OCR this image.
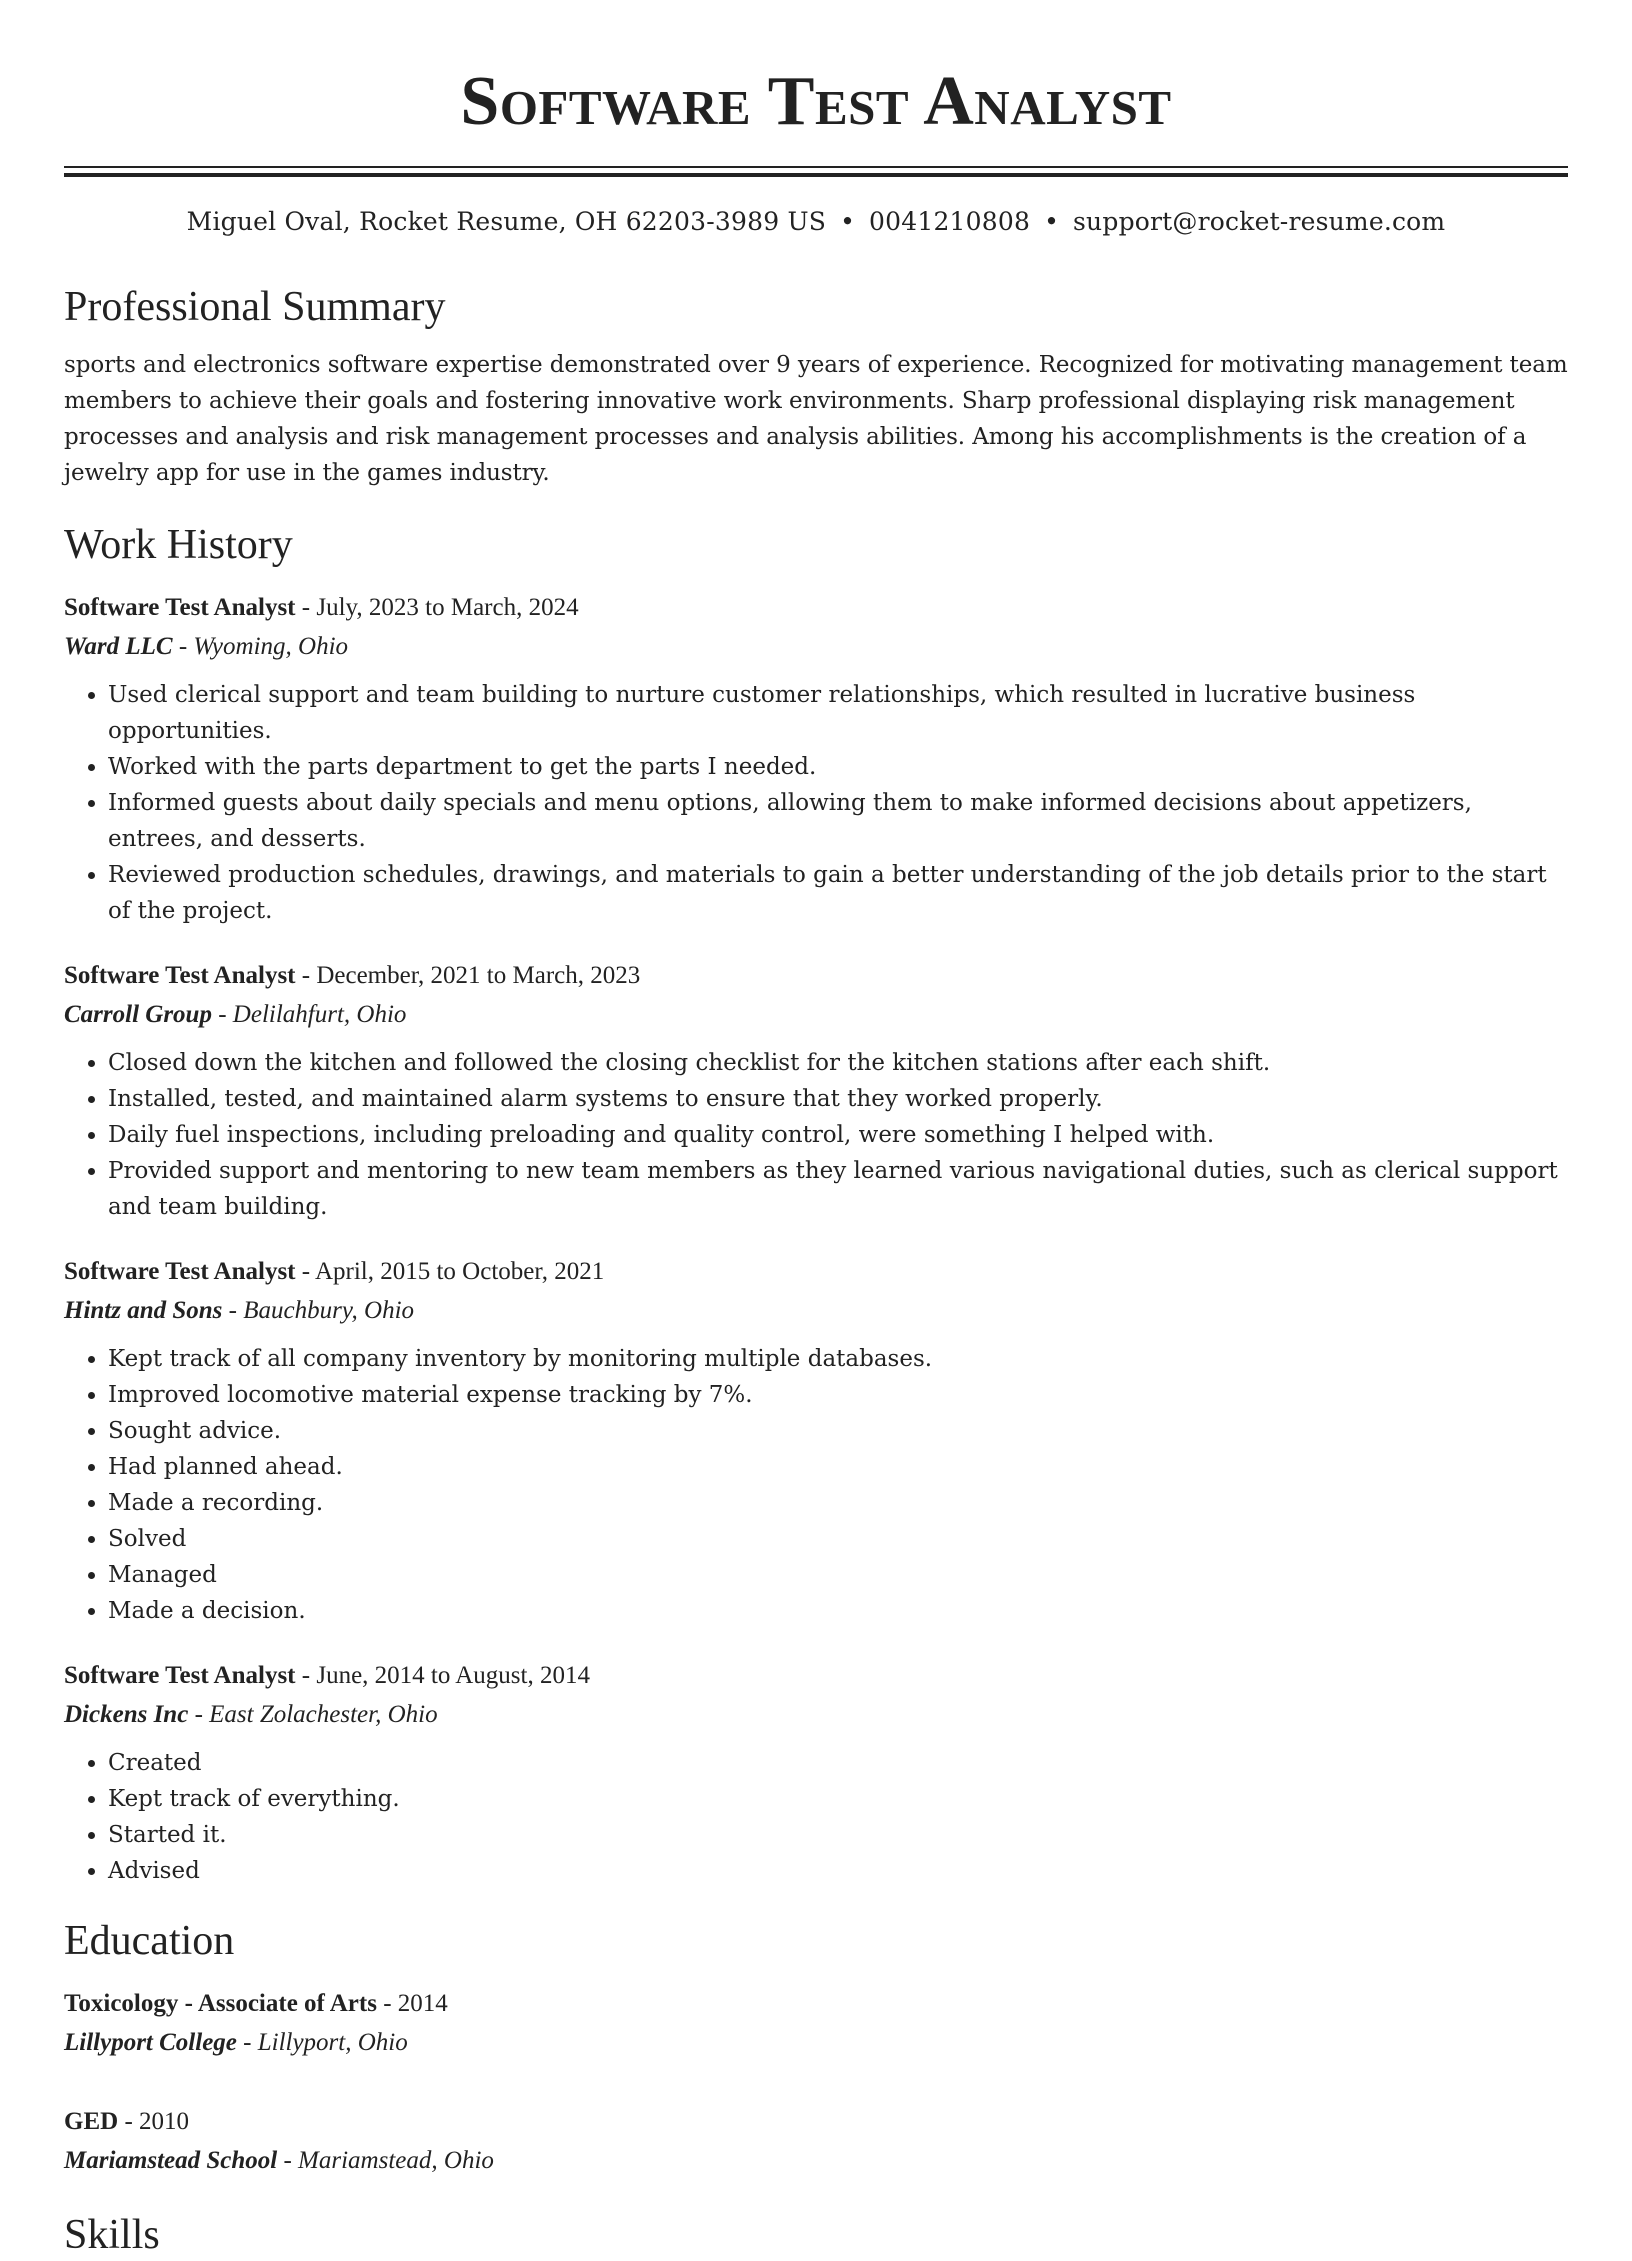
Software Test Analyst
Miguel Oval, Rocket Resume, OH 62203-3989 US • 0041210808 • support@rocket-resume.com
Professional Summary
sports and electronics software expertise demonstrated over 9 years of experience. Recognized for motivating management team members to achieve their goals and fostering innovative work environments. Sharp professional displaying risk management processes and analysis and risk management processes and analysis abilities. Among his accomplishments is the creation of a jewelry app for use in the games industry.
Work History
Software Test Analyst - July, 2023 to March, 2024
Ward LLC - Wyoming, Ohio
• Used clerical support and team building to nurture customer relationships, which resulted in lucrative business opportunities.
• Worked with the parts department to get the parts I needed.
• Informed guests about daily specials and menu options, allowing them to make informed decisions about appetizers, entrees, and desserts.
• Reviewed production schedules, drawings, and materials to gain a better understanding of the job details prior to the start of the project.
Software Test Analyst - December, 2021 to March, 2023
Carroll Group - Delilahfurt, Ohio
• Closed down the kitchen and followed the closing checklist for the kitchen stations after each shift.
• Installed, tested, and maintained alarm systems to ensure that they worked properly.
• Daily fuel inspections, including preloading and quality control, were something I helped with.
• Provided support and mentoring to new team members as they learned various navigational duties, such as clerical support and team building.
Software Test Analyst - April, 2015 to October, 2021
Hintz and Sons - Bauchbury, Ohio
• Kept track of all company inventory by monitoring multiple databases.
• Improved locomotive material expense tracking by 7%.
• Sought advice.
• Had planned ahead.
• Made a recording.
• Solved
• Managed
• Made a decision.
Software Test Analyst - June, 2014 to August, 2014
Dickens Inc - East Zolachester, Ohio
• Created
• Kept track of everything.
• Started it.
• Advised
Education
Toxicology - Associate of Arts - 2014
Lillyport College - Lillyport, Ohio
GED - 2010
Mariamstead School - Mariamstead, Ohio
Skills
